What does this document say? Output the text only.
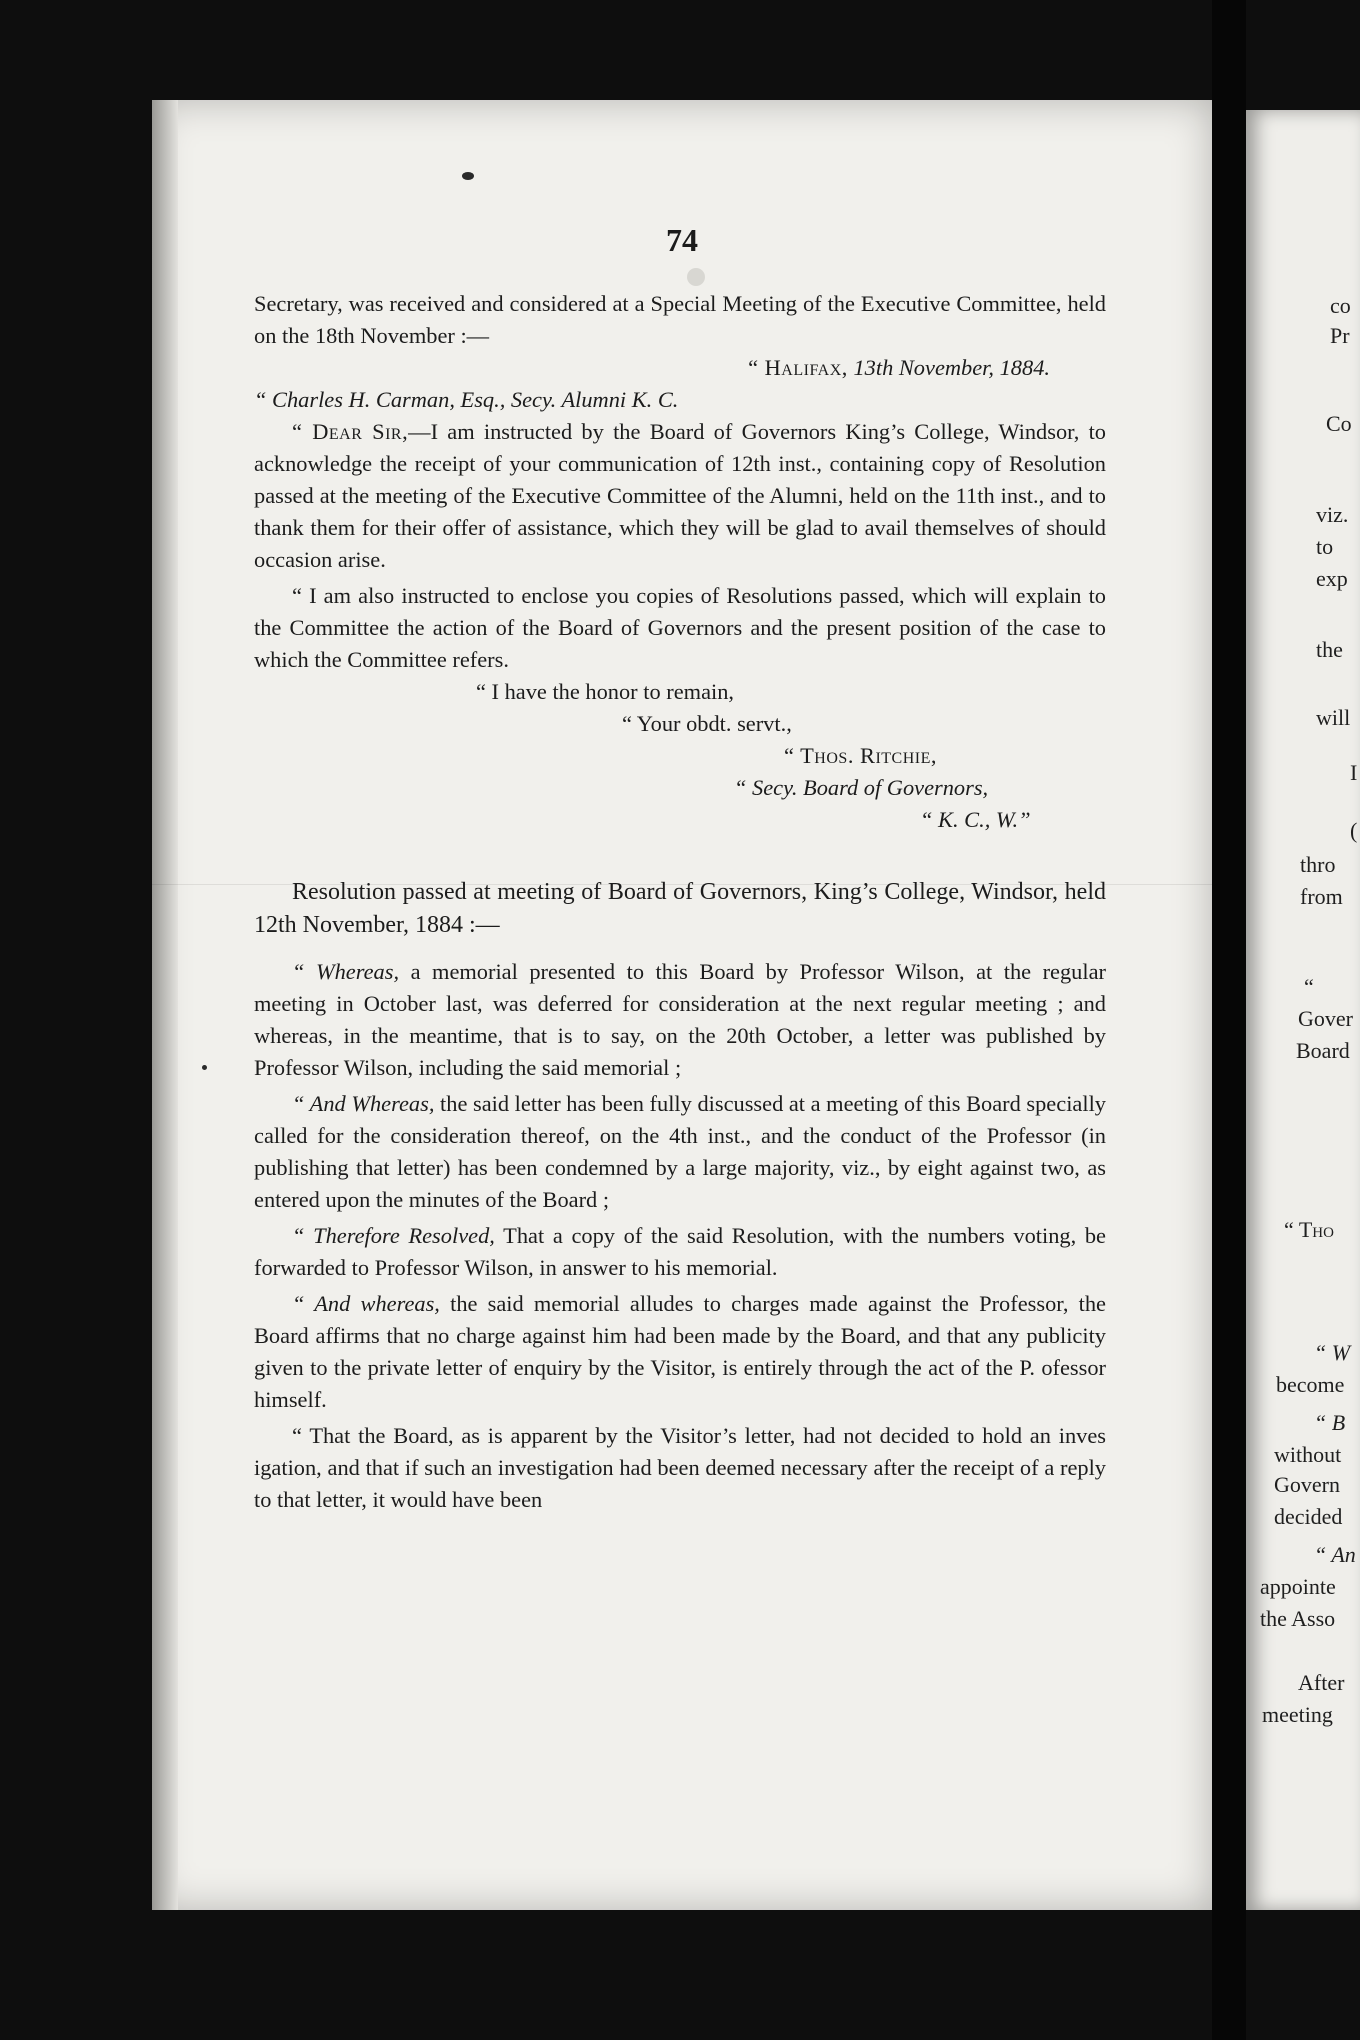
74

Secretary, was received and considered at a Special Meeting of the Executive Committee, held on the 18th November :—

“ Halifax, 13th November, 1884.

“ Charles H. Carman, Esq., Secy. Alumni K. C.

“ Dear Sir,—I am instructed by the Board of Governors King’s College, Windsor, to acknowledge the receipt of your communication of 12th inst., containing copy of Resolution passed at the meeting of the Executive Committee of the Alumni, held on the 11th inst., and to thank them for their offer of assistance, which they will be glad to avail themselves of should occasion arise.

“ I am also instructed to enclose you copies of Resolutions passed, which will explain to the Committee the action of the Board of Governors and the present position of the case to which the Committee refers.

“ I have the honor to remain,

“ Your obdt. servt.,

“ Thos. Ritchie,

“ Secy. Board of Governors,

“ K. C., W.”

Resolution passed at meeting of Board of Governors, King’s College, Windsor, held 12th November, 1884 :—

“ Whereas, a memorial presented to this Board by Professor Wilson, at the regular meeting in October last, was deferred for consideration at the next regular meeting ; and whereas, in the meantime, that is to say, on the 20th October, a letter was published by Professor Wilson, including the said memorial ;

“ And Whereas, the said letter has been fully discussed at a meeting of this Board specially called for the consideration thereof, on the 4th inst., and the conduct of the Professor (in publishing that letter) has been condemned by a large majority, viz., by eight against two, as entered upon the minutes of the Board ;

“ Therefore Resolved, That a copy of the said Resolution, with the numbers voting, be forwarded to Professor Wilson, in answer to his memorial.

“ And whereas, the said memorial alludes to charges made against the Professor, the Board affirms that no charge against him had been made by the Board, and that any publicity given to the private letter of enquiry by the Visitor, is entirely through the act of the P. ofessor himself.

“ That the Board, as is apparent by the Visitor’s letter, had not decided to hold an inves igation, and that if such an investigation had been deemed necessary after the receipt of a reply to that letter, it would have been

co
Pr
Co
viz.
to
exp
the
will
I
(
thro
from
“
Gover
Board
“ Tho
“ W
become
“ B
without
Govern
decided
“ An
appointe
the Asso
After
meeting
